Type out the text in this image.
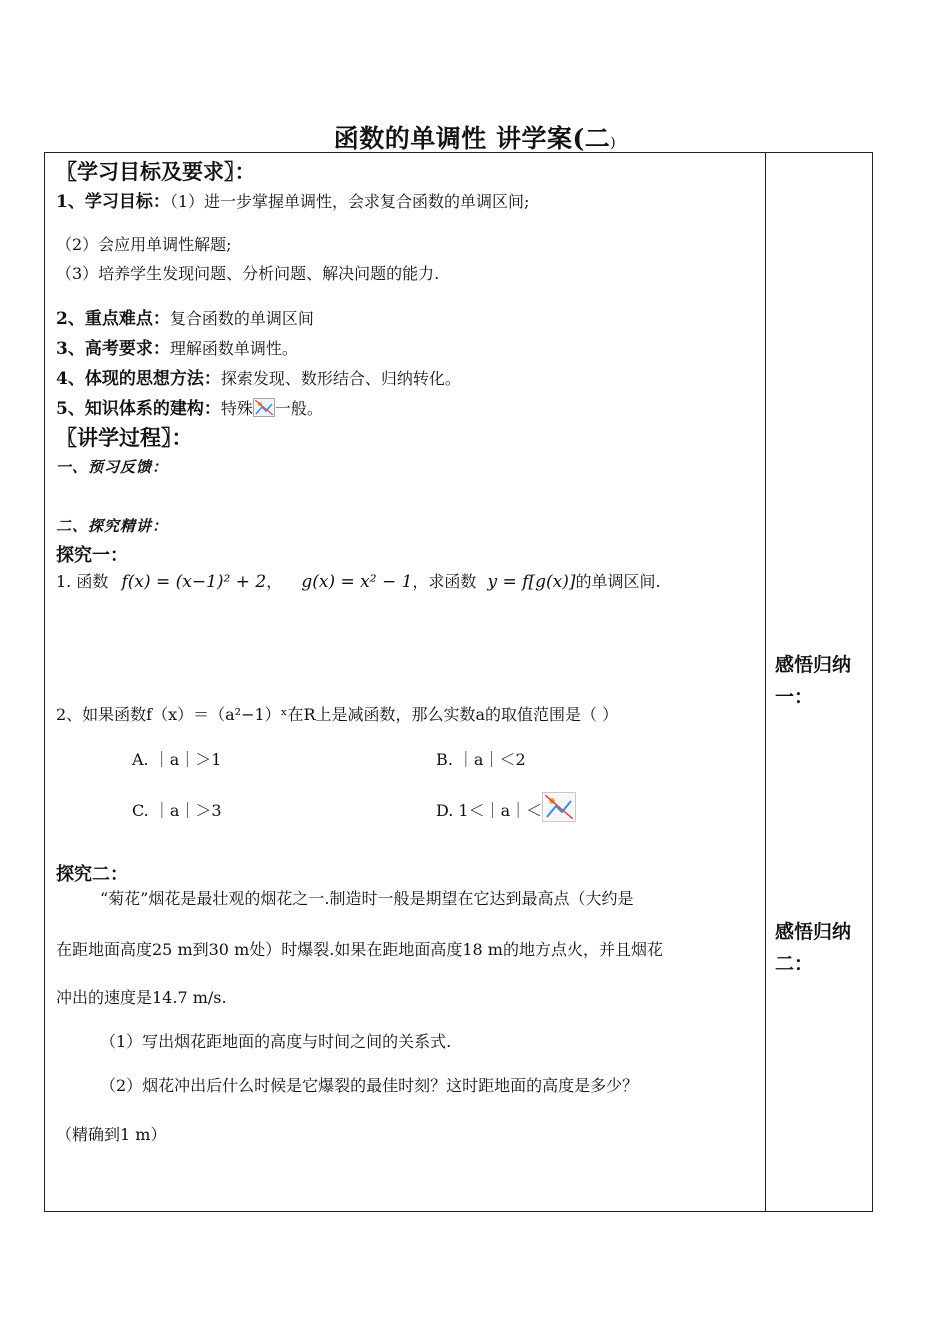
函数的单调性 讲学案(二)
〖学习目标及要求〗：
1、学习目标：（1）进一步掌握单调性，会求复合函数的单调区间;
（2）会应用单调性解题;
（3）培养学生发现问题、分析问题、解决问题的能力.
2、重点难点：复合函数的单调区间
3、高考要求：理解函数单调性。
4、体现的思想方法：探索发现、数形结合、归纳转化。
5、知识体系的建构：特殊 一般。
〖讲学过程〗：
一、预习反馈：
二、探究精讲：
探究一：
1. 函数 f(x) = (x−1)² + 2， g(x) = x² − 1，求函数 y = f[g(x)]的单调区间.
2、如果函数f（x）＝（a²−1）ˣ在R上是减函数，那么实数a的取值范围是（ ）
A. ｜a｜＞1	B. ｜a｜＜2
C. ｜a｜＞3	D. 1＜｜a｜＜
探究二：
“菊花”烟花是最壮观的烟花之一.制造时一般是期望在它达到最高点（大约是
在距地面高度25 m到30 m处）时爆裂.如果在距地面高度18 m的地方点火，并且烟花
冲出的速度是14.7 m/s.
（1）写出烟花距地面的高度与时间之间的关系式.
（2）烟花冲出后什么时候是它爆裂的最佳时刻？这时距地面的高度是多少？
（精确到1 m）
感悟归纳一：
感悟归纳二：
